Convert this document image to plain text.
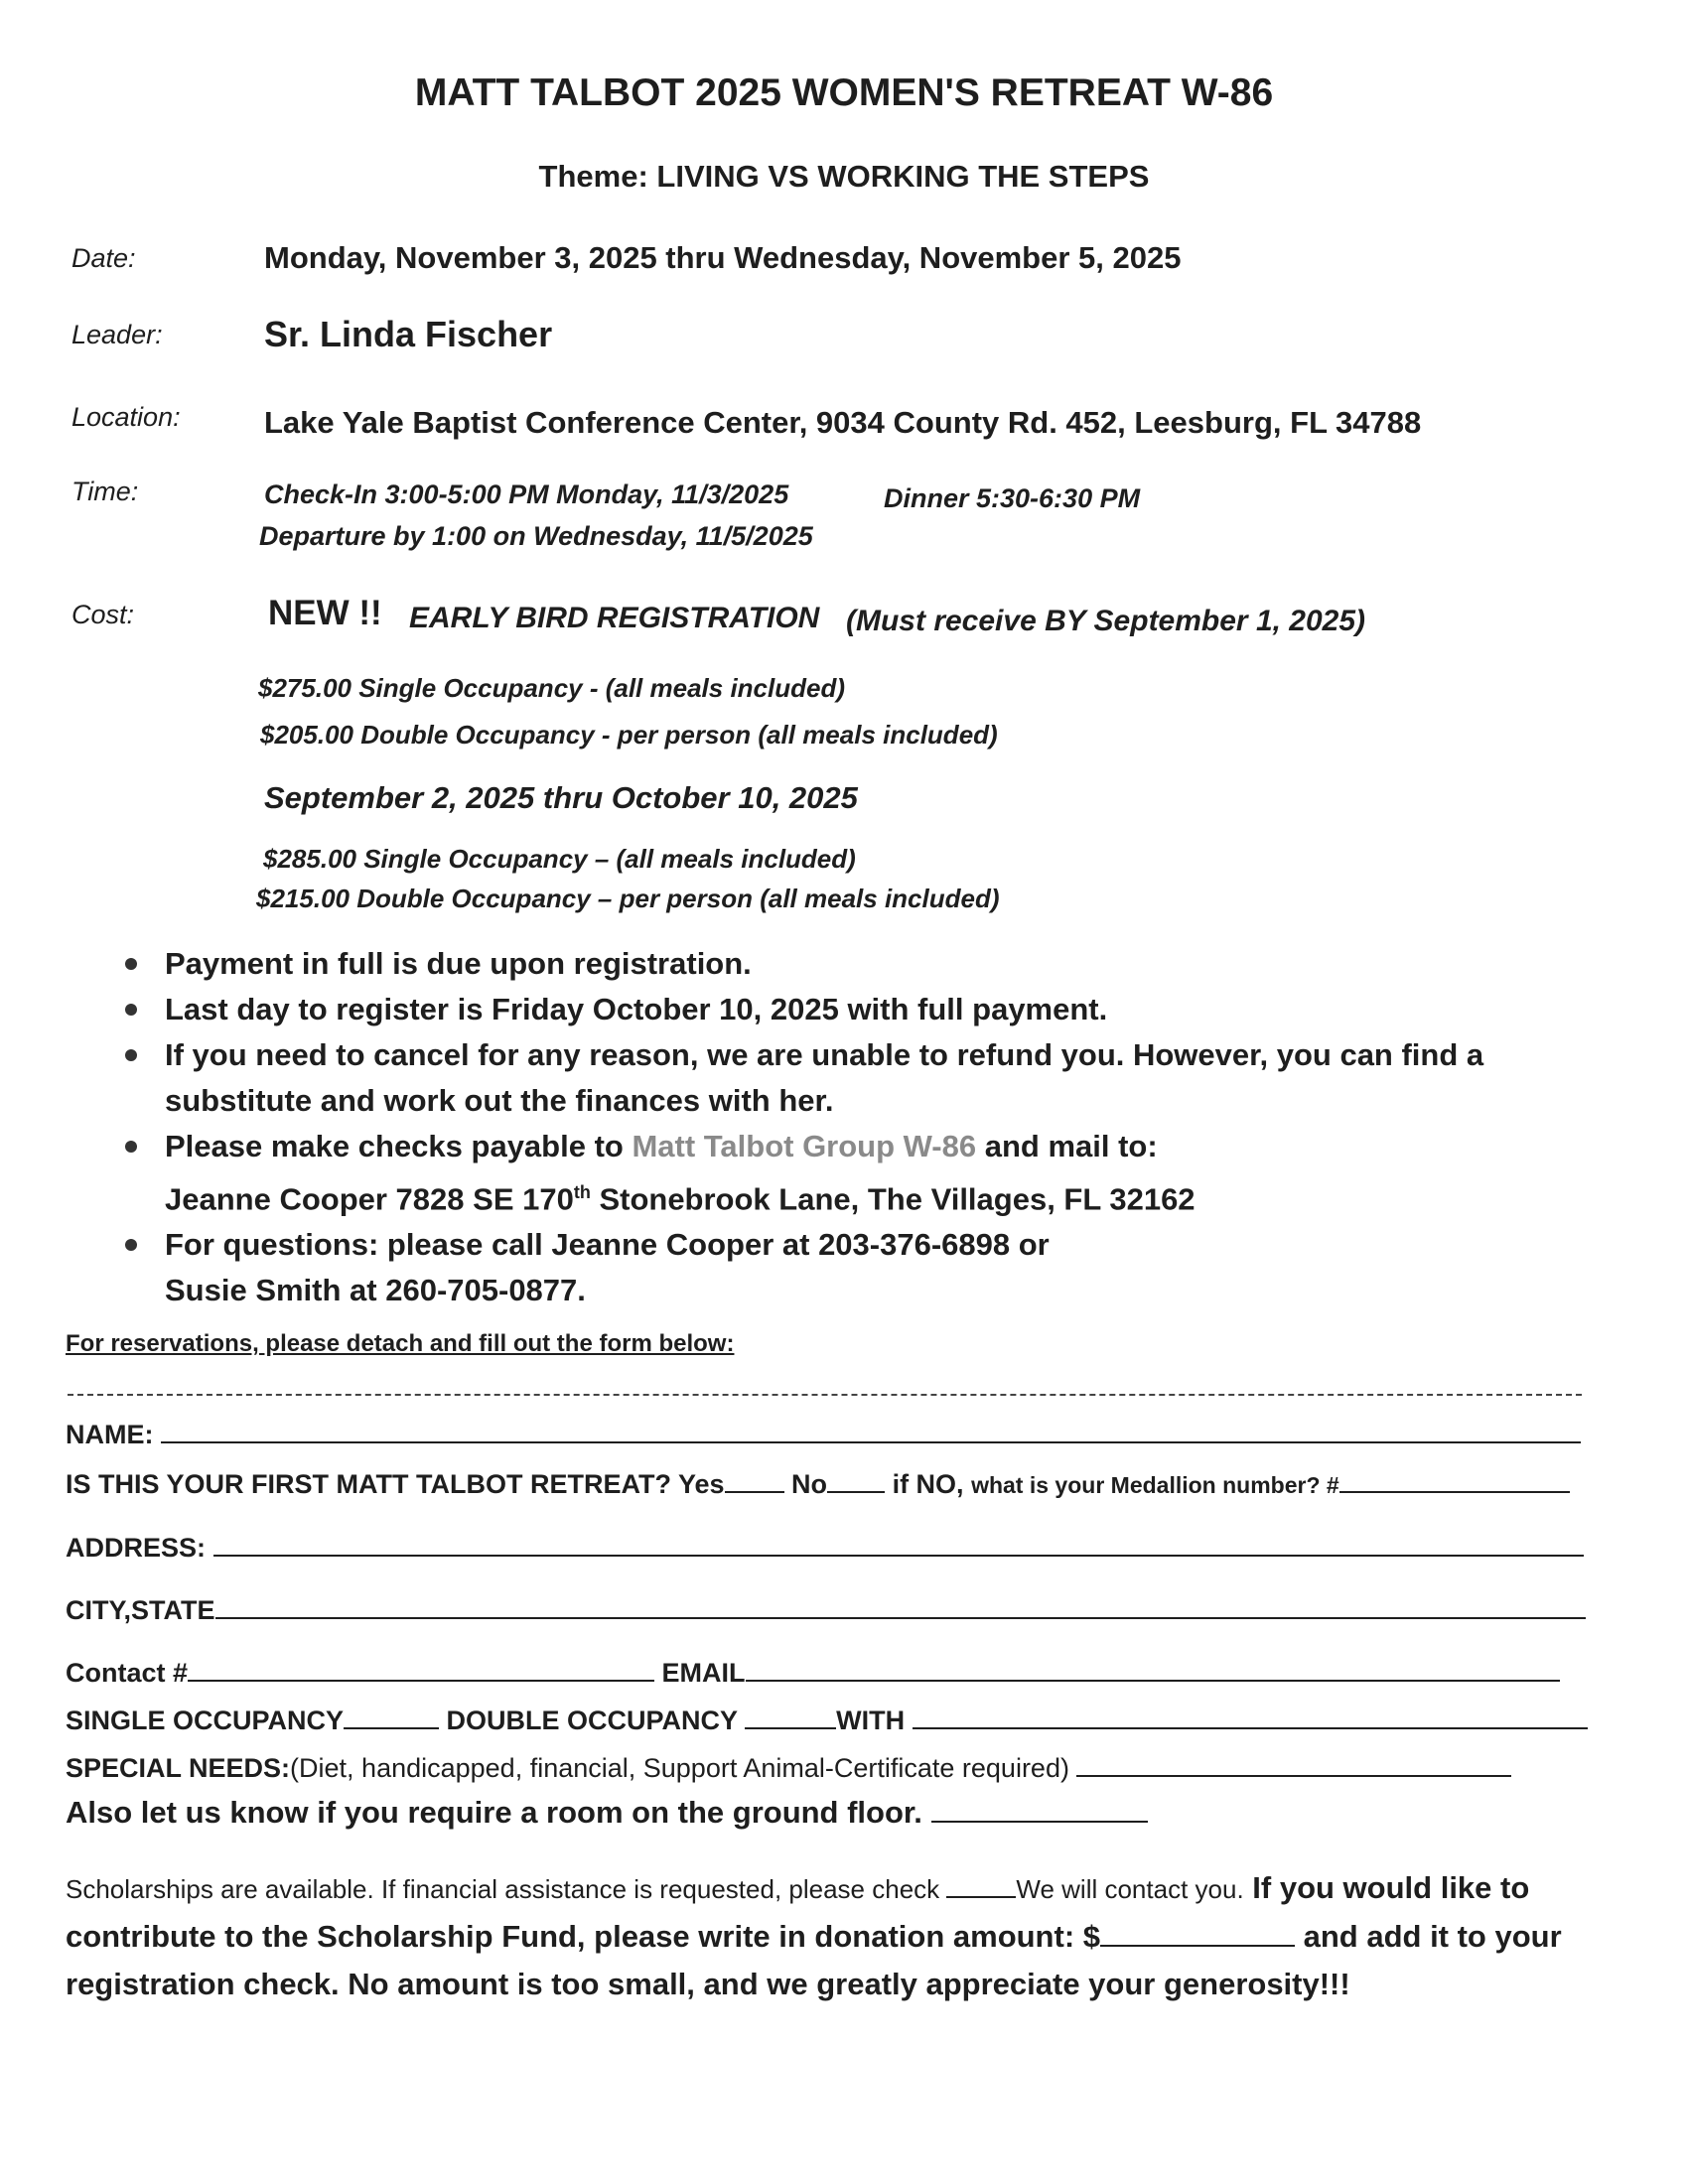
MATT TALBOT 2025 WOMEN'S RETREAT W-86
Theme: LIVING VS WORKING THE STEPS
Date:	Monday, November 3, 2025 thru Wednesday, November 5, 2025
Leader:	Sr. Linda Fischer
Location:	Lake Yale Baptist Conference Center, 9034 County Rd. 452, Leesburg, FL 34788
Time:	Check-In 3:00-5:00 PM Monday, 11/3/2025	Dinner 5:30-6:30 PM
Departure by 1:00 on Wednesday, 11/5/2025
Cost:	NEW !! EARLY BIRD REGISTRATION (Must receive BY September 1, 2025)
$275.00 Single Occupancy - (all meals included)
$205.00 Double Occupancy - per person (all meals included)
September 2, 2025 thru October 10, 2025
$285.00 Single Occupancy – (all meals included)
$215.00 Double Occupancy – per person (all meals included)
Payment in full is due upon registration.
Last day to register is Friday October 10, 2025 with full payment.
If you need to cancel for any reason, we are unable to refund you. However, you can find a substitute and work out the finances with her.
Please make checks payable to Matt Talbot Group W-86 and mail to:
Jeanne Cooper 7828 SE 170th Stonebrook Lane, The Villages, FL 32162
For questions: please call Jeanne Cooper at 203-376-6898 or
Susie Smith at 260-705-0877.
For reservations, please detach and fill out the form below:
NAME:
IS THIS YOUR FIRST MATT TALBOT RETREAT? Yes	No if NO, what is your Medallion number? #
ADDRESS:
CITY,STATE
Contact #	EMAIL
SINGLE OCCUPANCY	DOUBLE OCCUPANCY	WITH
SPECIAL NEEDS:(Diet, handicapped, financial, Support Animal-Certificate required)
Also let us know if you require a room on the ground floor.
Scholarships are available. If financial assistance is requested, please check	We will contact you. If you would like to contribute to the Scholarship Fund, please write in donation amount: $	and add it to your registration check. No amount is too small, and we greatly appreciate your generosity!!!
